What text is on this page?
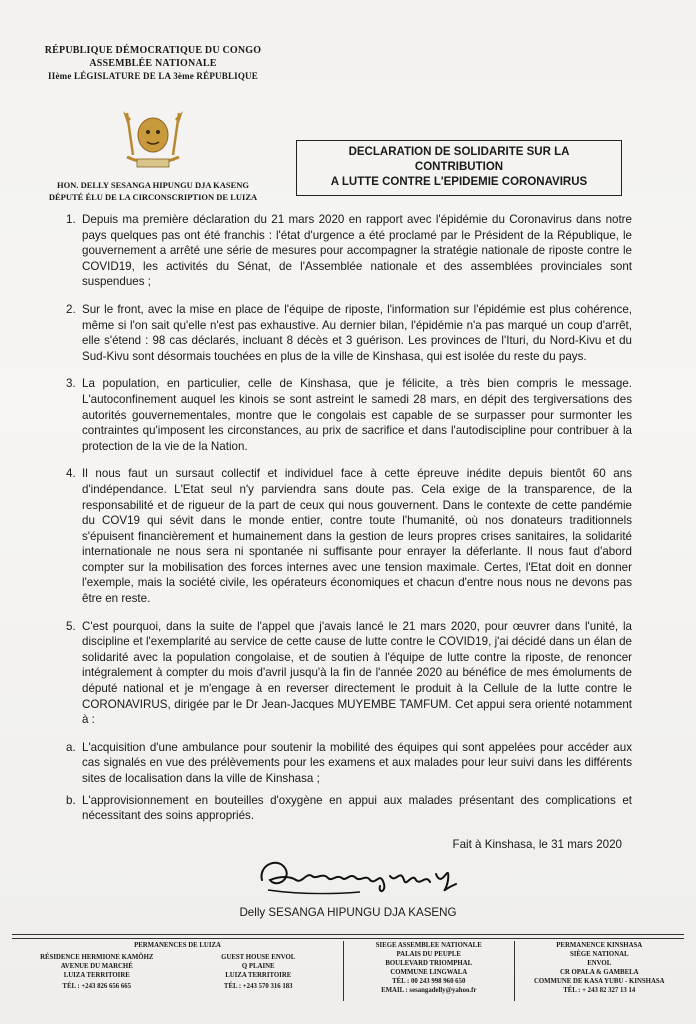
RÉPUBLIQUE DÉMOCRATIQUE DU CONGO
ASSEMBLÉE NATIONALE
IIème LÉGISLATURE DE LA 3ème RÉPUBLIQUE
HON. DELLY SESANGA HIPUNGU DJA KASENG
DÉPUTÉ ÉLU DE LA CIRCONSCRIPTION DE LUIZA
DECLARATION DE SOLIDARITE SUR LA
CONTRIBUTION
A LUTTE CONTRE L'EPIDEMIE CORONAVIRUS
1. Depuis ma première déclaration du 21 mars 2020 en rapport avec l'épidémie du Coronavirus dans notre pays quelques pas ont été franchis : l'état d'urgence a été proclamé par le Président de la République, le gouvernement a arrêté une série de mesures pour accompagner la stratégie nationale de riposte contre le COVID19, les activités du Sénat, de l'Assemblée nationale et des assemblées provinciales sont suspendues ;
2. Sur le front, avec la mise en place de l'équipe de riposte, l'information sur l'épidémie est plus cohérence, même si l'on sait qu'elle n'est pas exhaustive. Au dernier bilan, l'épidémie n'a pas marqué un coup d'arrêt, elle s'étend : 98 cas déclarés, incluant 8 décès et 3 guérison. Les provinces de l'Ituri, du Nord-Kivu et du Sud-Kivu sont désormais touchées en plus de la ville de Kinshasa, qui est isolée du reste du pays.
3. La population, en particulier, celle de Kinshasa, que je félicite, a très bien compris le message. L'autoconfinement auquel les kinois se sont astreint le samedi 28 mars, en dépit des tergiversations des autorités gouvernementales, montre que le congolais est capable de se surpasser pour surmonter les contraintes qu'imposent les circonstances, au prix de sacrifice et dans l'autodiscipline pour contribuer à la protection de la vie de la Nation.
4. Il nous faut un sursaut collectif et individuel face à cette épreuve inédite depuis bientôt 60 ans d'indépendance. L'Etat seul n'y parviendra sans doute pas. Cela exige de la transparence, de la responsabilité et de rigueur de la part de ceux qui nous gouvernent. Dans le contexte de cette pandémie du COV19 qui sévit dans le monde entier, contre toute l'humanité, où nos donateurs traditionnels s'épuisent financièrement et humainement dans la gestion de leurs propres crises sanitaires, la solidarité internationale ne nous sera ni spontanée ni suffisante pour enrayer la déferlante. Il nous faut d'abord compter sur la mobilisation des forces internes avec une tension maximale. Certes, l'Etat doit en donner l'exemple, mais la société civile, les opérateurs économiques et chacun d'entre nous nous ne devons pas être en reste.
5. C'est pourquoi, dans la suite de l'appel que j'avais lancé le 21 mars 2020, pour œuvrer dans l'unité, la discipline et l'exemplarité au service de cette cause de lutte contre le COVID19, j'ai décidé dans un élan de solidarité avec la population congolaise, et de soutien à l'équipe de lutte contre la riposte, de renoncer intégralement à compter du mois d'avril jusqu'à la fin de l'année 2020 au bénéfice de mes émoluments de député national et je m'engage à en reverser directement le produit à la Cellule de la lutte contre le CORONAVIRUS, dirigée par le Dr Jean-Jacques MUYEMBE TAMFUM. Cet appui sera orienté notamment à :
a. L'acquisition d'une ambulance pour soutenir la mobilité des équipes qui sont appelées pour accéder aux cas signalés en vue des prélèvements pour les examens et aux malades pour leur suivi dans les différents sites de localisation dans la ville de Kinshasa ;
b. L'approvisionnement en bouteilles d'oxygène en appui aux malades présentant des complications et nécessitant des soins appropriés.
Fait à Kinshasa, le 31 mars 2020
Delly SESANGA HIPUNGU DJA KASENG
PERMANENCES DE LUIZA
RÉSIDENCE HERMIONE KAMÔHZ
AVENUE DU MARCHÉ
LUIZA TERRITOIRE
TÉL : +243 826 656 665
GUEST HOUSE ENVOL
Q PLAINE
LUIZA TERRITOIRE
TÉL : +243 570 316 183
SIEGE ASSEMBLEE NATIONALE
PALAIS DU PEUPLE
BOULEVARD TRIOMPHAL
COMMUNE LINGWALA
TÉL : 00 243 998 960 650
EMAIL : sesangadelly@yahoo.fr
PERMANENCE KINSHASA
SIÈGE NATIONAL
ENVOL
CR OPALA & GAMBELA
COMMUNE DE KASA YUBU - KINSHASA
TÉL : + 243 82 327 13 14
